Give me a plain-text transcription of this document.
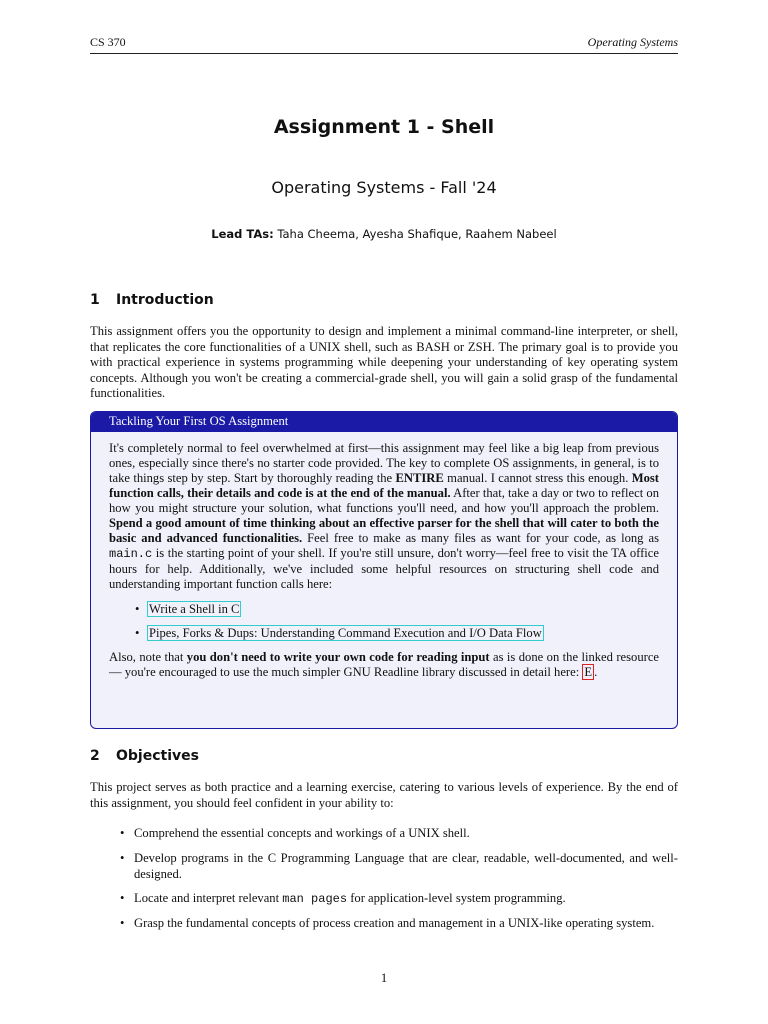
CS 370	Operating Systems
Assignment 1 - Shell
Operating Systems - Fall '24
Lead TAs: Taha Cheema, Ayesha Shafique, Raahem Nabeel
1 Introduction

This assignment offers you the opportunity to design and implement a minimal command-line interpreter, or shell, that replicates the core functionalities of a UNIX shell, such as BASH or ZSH. The primary goal is to provide you with practical experience in systems programming while deepening your understanding of key operating system concepts. Although you won't be creating a commercial-grade shell, you will gain a solid grasp of the fundamental functionalities.

Tackling Your First OS Assignment

It's completely normal to feel overwhelmed at first—this assignment may feel like a big leap from previous ones, especially since there's no starter code provided. The key to complete OS assignments, in general, is to take things step by step. Start by thoroughly reading the ENTIRE manual. I cannot stress this enough. Most function calls, their details and code is at the end of the manual. After that, take a day or two to reflect on how you might structure your solution, what functions you'll need, and how you'll approach the problem. Spend a good amount of time thinking about an effective parser for the shell that will cater to both the basic and advanced functionalities. Feel free to make as many files as want for your code, as long as main.c is the starting point of your shell. If you're still unsure, don't worry—feel free to visit the TA office hours for help. Additionally, we've included some helpful resources on structuring shell code and understanding important function calls here:

• Write a Shell in C
• Pipes, Forks & Dups: Understanding Command Execution and I/O Data Flow

Also, note that you don't need to write your own code for reading input as is done on the linked resource — you're encouraged to use the much simpler GNU Readline library discussed in detail here: E .

2 Objectives

This project serves as both practice and a learning exercise, catering to various levels of experience. By the end of this assignment, you should feel confident in your ability to:

• Comprehend the essential concepts and workings of a UNIX shell.
• Develop programs in the C Programming Language that are clear, readable, well-documented, and well-designed.
• Locate and interpret relevant man pages for application-level system programming.
• Grasp the fundamental concepts of process creation and management in a UNIX-like operating system.
1
